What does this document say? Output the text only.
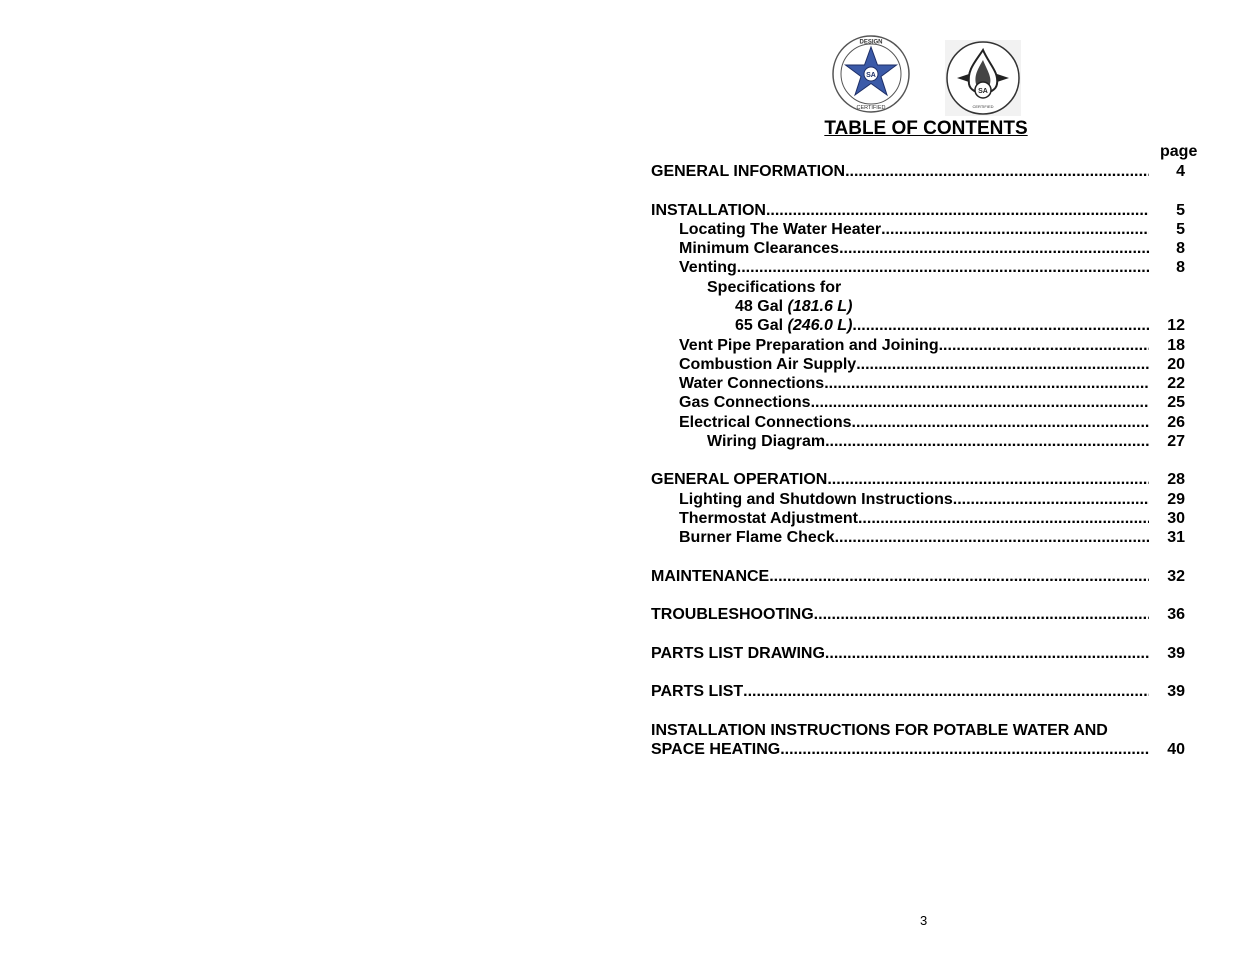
SA
DESIGN
CERTIFIED
SA
CERTIFIED
TABLE OF CONTENTS
page
GENERAL INFORMATION .....	4
INSTALLATION. .....	5
Locating The Water Heater .....	5
Minimum Clearances .....	8
Venting .....	8
Specifications for
48 Gal (181.6 L)
65 Gal (246.0 L) .....	12
Vent Pipe Preparation and Joining .....	18
Combustion Air Supply .....	20
Water Connections .....	22
Gas Connections .....	25
Electrical Connections .....	26
Wiring Diagram .....	27
GENERAL OPERATION .....	28
Lighting and Shutdown Instructions .....	29
Thermostat Adjustment .....	30
Burner Flame Check .....	31
MAINTENANCE .....	32
TROUBLESHOOTING .....	36
PARTS LIST DRAWING .....	39
PARTS LIST .....	39
INSTALLATION INSTRUCTIONS FOR POTABLE WATER AND
SPACE HEATING .....	40
3
